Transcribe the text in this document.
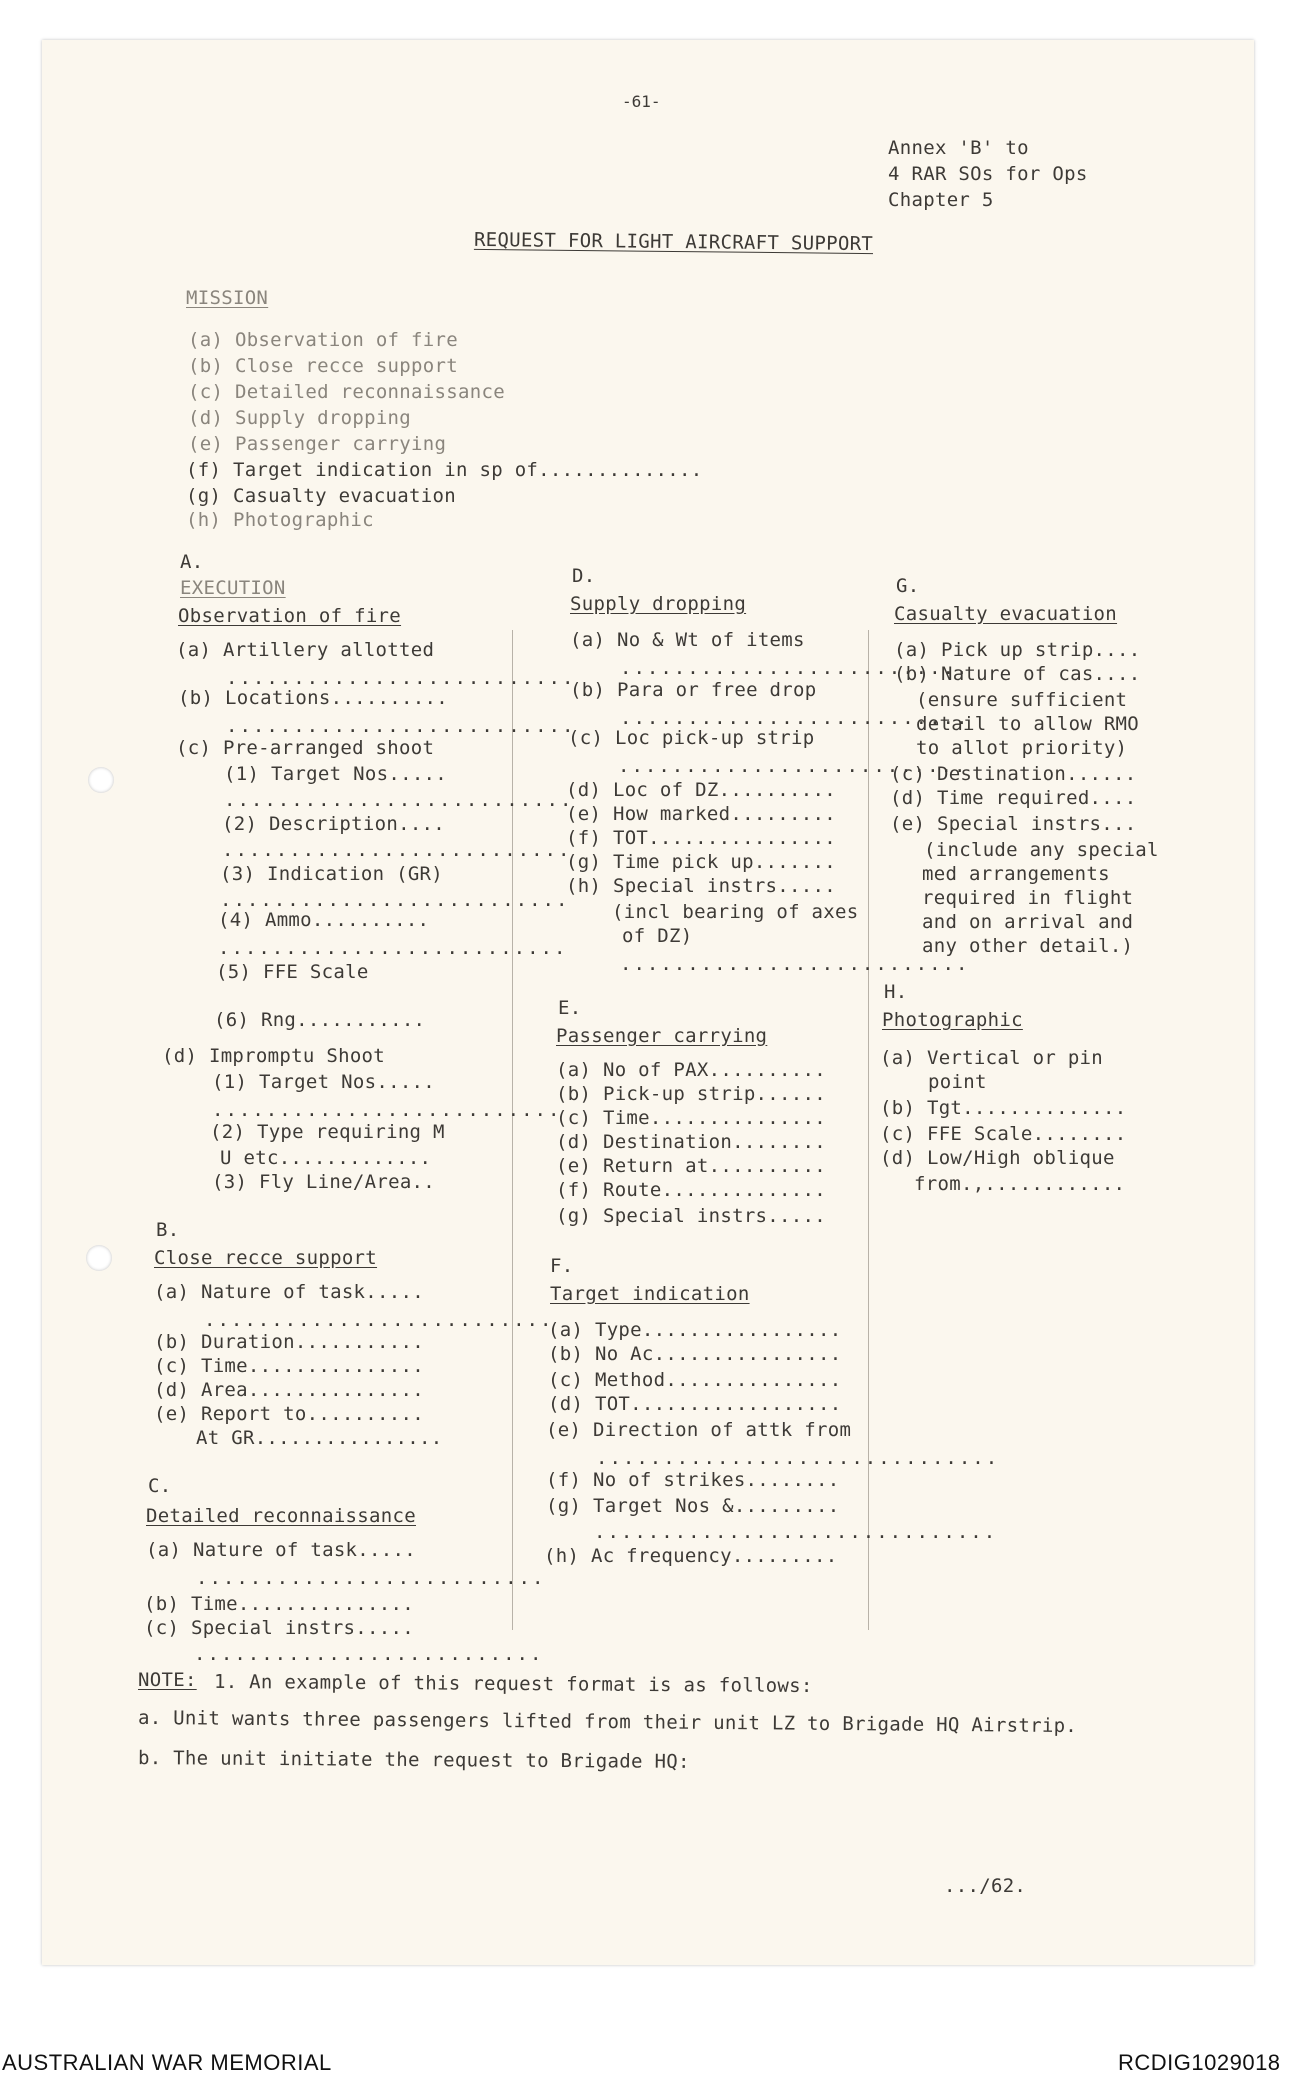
-61-
Annex 'B' to
4 RAR SOs for Ops
Chapter 5
REQUEST FOR LIGHT AIRCRAFT SUPPORT
MISSION
(a) Observation of fire
(b) Close recce support
(c) Detailed reconnaissance
(d) Supply dropping
(e) Passenger carrying
(f) Target indication in sp of..............
(g) Casualty evacuation
(h) Photographic
A.
EXECUTION
Observation of fire
(a) Artillery allotted
..........................
(b) Locations..........
..........................
(c) Pre-arranged shoot
(1) Target Nos.....
..........................
(2) Description....
..........................
(3) Indication (GR)
..........................
(4) Ammo..........
..........................
(5) FFE Scale
(6) Rng...........
(d) Impromptu Shoot
(1) Target Nos.....
..........................
(2) Type requiring M
U etc.............
(3) Fly Line/Area..
B.
Close recce support
(a) Nature of task.....
..........................
(b) Duration...........
(c) Time...............
(d) Area...............
(e) Report to..........
At GR................
C.
Detailed reconnaissance
(a) Nature of task.....
..........................
(b) Time...............
(c) Special instrs.....
..........................
D.
Supply dropping
(a) No & Wt of items
..........................
(b) Para or free drop
..........................
(c) Loc pick-up strip
..........................
(d) Loc of DZ..........
(e) How marked.........
(f) TOT................
(g) Time pick up.......
(h) Special instrs.....
(incl bearing of axes
of DZ)
..........................
E.
Passenger carrying
(a) No of PAX..........
(b) Pick-up strip......
(c) Time...............
(d) Destination........
(e) Return at..........
(f) Route..............
(g) Special instrs.....
F.
Target indication
(a) Type.................
(b) No Ac................
(c) Method...............
(d) TOT..................
(e) Direction of attk from
..............................
(f) No of strikes........
(g) Target Nos &.........
..............................
(h) Ac frequency.........
G.
Casualty evacuation
(a) Pick up strip....
(b) Nature of cas....
(ensure sufficient
detail to allow RMO
to allot priority)
(c) Destination......
(d) Time required....
(e) Special instrs...
(include any special
med arrangements
required in flight
and on arrival and
any other detail.)
H.
Photographic
(a) Vertical or pin
point
(b) Tgt..............
(c) FFE Scale........
(d) Low/High oblique
from.,............
NOTE: 1. An example of this request format is as follows:
a. Unit wants three passengers lifted from their unit LZ to Brigade HQ Airstrip.
b. The unit initiate the request to Brigade HQ:
.../62.
AUSTRALIAN WAR MEMORIAL	RCDIG1029018
